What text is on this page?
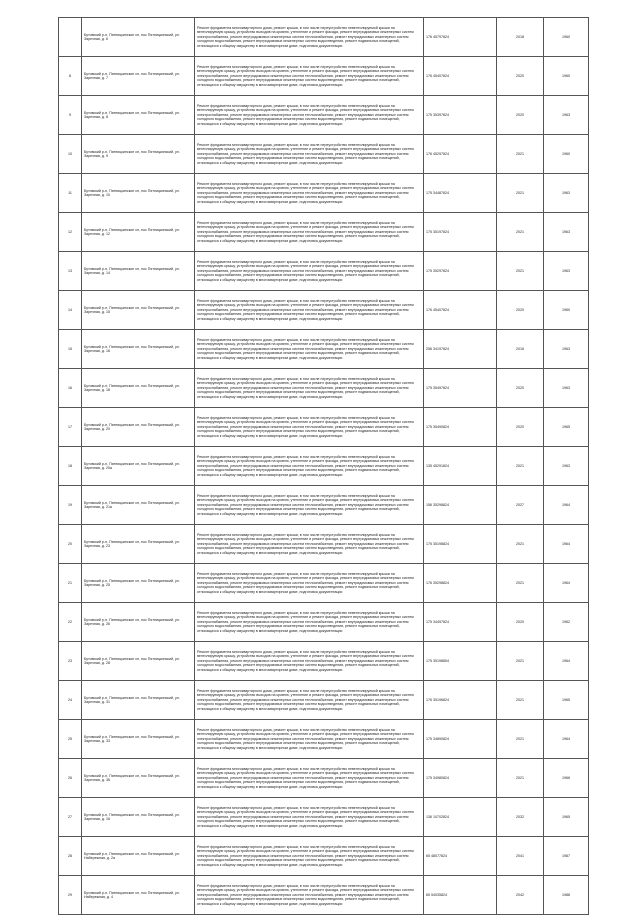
	Бутовский р-н, Пятницкинское сп, пос Пятницкинский, ул. Заречная, д. 6	Ремонт фундамента многоквартирного дома, ремонт крыши, в том числе переустройство невентилируемой крыши на вентилируемую крышу, устройство выходов на кровлю, утепление и ремонт фасада, ремонт внутридомовых инженерных систем электроснабжения, ремонт внутридомовых инженерных систем теплоснабжения, ремонт внутридомовых инженерных систем холодного водоснабжения, ремонт внутридомовых инженерных систем водоотведения, ремонт подвальных помещений, относящихся к общему имуществу в многоквартирном доме, подготовка документации	176 45797824	2018	1960
8	Бутовский р-н, Пятницкинское сп, пос Пятницкинский, ул. Заречная, д. 7	Ремонт фундамента многоквартирного дома, ремонт крыши, в том числе переустройство невентилируемой крыши на вентилируемую крышу, устройство выходов на кровлю, утепление и ремонт фасада, ремонт внутридомовых инженерных систем электроснабжения, ремонт внутридомовых инженерных систем теплоснабжения, ремонт внутридомовых инженерных систем холодного водоснабжения, ремонт внутридомовых инженерных систем водоотведения, ремонт подвальных помещений, относящихся к общему имуществу в многоквартирном доме, подготовка документации	176 45407824	2020	1960
9	Бутовский р-н, Пятницкинское сп, пос Пятницкинский, ул. Заречная, д. 8	Ремонт фундамента многоквартирного дома, ремонт крыши, в том числе переустройство невентилируемой крыши на вентилируемую крышу, устройство выходов на кровлю, утепление и ремонт фасада, ремонт внутридомовых инженерных систем электроснабжения, ремонт внутридомовых инженерных систем теплоснабжения, ремонт внутридомовых инженерных систем холодного водоснабжения, ремонт внутридомовых инженерных систем водоотведения, ремонт подвальных помещений, относящихся к общему имуществу в многоквартирном доме, подготовка документации	175 35397824	2020	1963
10	Бутовский р-н, Пятницкинское сп, пос Пятницкинский, ул. Заречная, д. 9	Ремонт фундамента многоквартирного дома, ремонт крыши, в том числе переустройство невентилируемой крыши на вентилируемую крышу, устройство выходов на кровлю, утепление и ремонт фасада, ремонт внутридомовых инженерных систем электроснабжения, ремонт внутридомовых инженерных систем теплоснабжения, ремонт внутридомовых инженерных систем холодного водоснабжения, ремонт внутридомовых инженерных систем водоотведения, ремонт подвальных помещений, относящихся к общему имуществу в многоквартирном доме, подготовка документации	176 45297824	2021	1960
11	Бутовский р-н, Пятницкинское сп, пос Пятницкинский, ул. Заречная, д. 10	Ремонт фундамента многоквартирного дома, ремонт крыши, в том числе переустройство невентилируемой крыши на вентилируемую крышу, устройство выходов на кровлю, утепление и ремонт фасада, ремонт внутридомовых инженерных систем электроснабжения, ремонт внутридомовых инженерных систем теплоснабжения, ремонт внутридомовых инженерных систем холодного водоснабжения, ремонт внутридомовых инженерных систем водоотведения, ремонт подвальных помещений, относящихся к общему имуществу в многоквартирном доме, подготовка документации	175 34487824	2021	1963
12	Бутовский р-н, Пятницкинское сп, пос Пятницкинский, ул. Заречная, д. 12	Ремонт фундамента многоквартирного дома, ремонт крыши, в том числе переустройство невентилируемой крыши на вентилируемую крышу, устройство выходов на кровлю, утепление и ремонт фасада, ремонт внутридомовых инженерных систем электроснабжения, ремонт внутридомовых инженерных систем теплоснабжения, ремонт внутридомовых инженерных систем холодного водоснабжения, ремонт внутридомовых инженерных систем водоотведения, ремонт подвальных помещений, относящихся к общему имуществу в многоквартирном доме, подготовка документации	175 35197824	2021	1963
13	Бутовский р-н, Пятницкинское сп, пос Пятницкинский, ул. Заречная, д. 14	Ремонт фундамента многоквартирного дома, ремонт крыши, в том числе переустройство невентилируемой крыши на вентилируемую крышу, устройство выходов на кровлю, утепление и ремонт фасада, ремонт внутридомовых инженерных систем электроснабжения, ремонт внутридомовых инженерных систем теплоснабжения, ремонт внутридомовых инженерных систем холодного водоснабжения, ремонт внутридомовых инженерных систем водоотведения, ремонт подвальных помещений, относящихся к общему имуществу в многоквартирном доме, подготовка документации	175 35297824	2021	1963
14	Бутовский р-н, Пятницкинское сп, пос Пятницкинский, ул. Заречная, д. 15	Ремонт фундамента многоквартирного дома, ремонт крыши, в том числе переустройство невентилируемой крыши на вентилируемую крышу, устройство выходов на кровлю, утепление и ремонт фасада, ремонт внутридомовых инженерных систем электроснабжения, ремонт внутридомовых инженерных систем теплоснабжения, ремонт внутридомовых инженерных систем холодного водоснабжения, ремонт внутридомовых инженерных систем водоотведения, ремонт подвальных помещений, относящихся к общему имуществу в многоквартирном доме, подготовка документации	176 45407824	2020	1960
15	Бутовский р-н, Пятницкинское сп, пос Пятницкинский, ул. Заречная, д. 16	Ремонт фундамента многоквартирного дома, ремонт крыши, в том числе переустройство невентилируемой крыши на вентилируемую крышу, устройство выходов на кровлю, утепление и ремонт фасада, ремонт внутридомовых инженерных систем электроснабжения, ремонт внутридомовых инженерных систем теплоснабжения, ремонт внутридомовых инженерных систем холодного водоснабжения, ремонт внутридомовых инженерных систем водоотведения, ремонт подвальных помещений, относящихся к общему имуществу в многоквартирном доме, подготовка документации	256 34197824	2016	1963
16	Бутовский р-н, Пятницкинское сп, пос Пятницкинский, ул. Заречная, д. 18	Ремонт фундамента многоквартирного дома, ремонт крыши, в том числе переустройство невентилируемой крыши на вентилируемую крышу, устройство выходов на кровлю, утепление и ремонт фасада, ремонт внутридомовых инженерных систем электроснабжения, ремонт внутридомовых инженерных систем теплоснабжения, ремонт внутридомовых инженерных систем холодного водоснабжения, ремонт внутридомовых инженерных систем водоотведения, ремонт подвальных помещений, относящихся к общему имуществу в многоквартирном доме, подготовка документации	175 35497824	2020	1963
17	Бутовский р-н, Пятницкинское сп, пос Пятницкинский, ул. Заречная, д. 20	Ремонт фундамента многоквартирного дома, ремонт крыши, в том числе переустройство невентилируемой крыши на вентилируемую крышу, устройство выходов на кровлю, утепление и ремонт фасада, ремонт внутридомовых инженерных систем электроснабжения, ремонт внутридомовых инженерных систем теплоснабжения, ремонт внутридомовых инженерных систем холодного водоснабжения, ремонт внутридомовых инженерных систем водоотведения, ремонт подвальных помещений, относящихся к общему имуществу в многоквартирном доме, подготовка документации	175 35490824	2020	1965
18	Бутовский р-н, Пятницкинское сп, пос Пятницкинский, ул. Заречная, д. 20а	Ремонт фундамента многоквартирного дома, ремонт крыши, в том числе переустройство невентилируемой крыши на вентилируемую крышу, устройство выходов на кровлю, утепление и ремонт фасада, ремонт внутридомовых инженерных систем электроснабжения, ремонт внутридомовых инженерных систем теплоснабжения, ремонт внутридомовых инженерных систем холодного водоснабжения, ремонт внутридомовых инженерных систем водоотведения, ремонт подвальных помещений, относящихся к общему имуществу в многоквартирном доме, подготовка документации	135 45291824	2021	1963
19	Бутовский р-н, Пятницкинское сп, пос Пятницкинский, ул. Заречная, д. 21а	Ремонт фундамента многоквартирного дома, ремонт крыши, в том числе переустройство невентилируемой крыши на вентилируемую крышу, устройство выходов на кровлю, утепление и ремонт фасада, ремонт внутридомовых инженерных систем электроснабжения, ремонт внутридомовых инженерных систем теплоснабжения, ремонт внутридомовых инженерных систем холодного водоснабжения, ремонт внутридомовых инженерных систем водоотведения, ремонт подвальных помещений, относящихся к общему имуществу в многоквартирном доме, подготовка документации	156 35298824	2027	1964
20	Бутовский р-н, Пятницкинское сп, пос Пятницкинский, ул. Заречная, д. 23	Ремонт фундамента многоквартирного дома, ремонт крыши, в том числе переустройство невентилируемой крыши на вентилируемую крышу, устройство выходов на кровлю, утепление и ремонт фасада, ремонт внутридомовых инженерных систем электроснабжения, ремонт внутридомовых инженерных систем теплоснабжения, ремонт внутридомовых инженерных систем холодного водоснабжения, ремонт внутридомовых инженерных систем водоотведения, ремонт подвальных помещений, относящихся к общему имуществу в многоквартирном доме, подготовка документации	175 35198824	2021	1964
21	Бутовский р-н, Пятницкинское сп, пос Пятницкинский, ул. Заречная, д. 25	Ремонт фундамента многоквартирного дома, ремонт крыши, в том числе переустройство невентилируемой крыши на вентилируемую крышу, устройство выходов на кровлю, утепление и ремонт фасада, ремонт внутридомовых инженерных систем электроснабжения, ремонт внутридомовых инженерных систем теплоснабжения, ремонт внутридомовых инженерных систем холодного водоснабжения, ремонт внутридомовых инженерных систем водоотведения, ремонт подвальных помещений, относящихся к общему имуществу в многоквартирном доме, подготовка документации	176 35298824	2021	1964
22	Бутовский р-н, Пятницкинское сп, пос Пятницкинский, ул. Заречная, д. 26	Ремонт фундамента многоквартирного дома, ремонт крыши, в том числе переустройство невентилируемой крыши на вентилируемую крышу, устройство выходов на кровлю, утепление и ремонт фасада, ремонт внутридомовых инженерных систем электроснабжения, ремонт внутридомовых инженерных систем теплоснабжения, ремонт внутридомовых инженерных систем холодного водоснабжения, ремонт внутридомовых инженерных систем водоотведения, ремонт подвальных помещений, относящихся к общему имуществу в многоквартирном доме, подготовка документации	175 34497824	2020	1962
23	Бутовский р-н, Пятницкинское сп, пос Пятницкинский, ул. Заречная, д. 28	Ремонт фундамента многоквартирного дома, ремонт крыши, в том числе переустройство невентилируемой крыши на вентилируемую крышу, устройство выходов на кровлю, утепление и ремонт фасада, ремонт внутридомовых инженерных систем электроснабжения, ремонт внутридомовых инженерных систем теплоснабжения, ремонт внутридомовых инженерных систем холодного водоснабжения, ремонт внутридомовых инженерных систем водоотведения, ремонт подвальных помещений, относящихся к общему имуществу в многоквартирном доме, подготовка документации	175 35198854	2021	1964
24	Бутовский р-н, Пятницкинское сп, пос Пятницкинский, ул. Заречная, д. 31	Ремонт фундамента многоквартирного дома, ремонт крыши, в том числе переустройство невентилируемой крыши на вентилируемую крышу, устройство выходов на кровлю, утепление и ремонт фасада, ремонт внутридомовых инженерных систем электроснабжения, ремонт внутридомовых инженерных систем теплоснабжения, ремонт внутридомовых инженерных систем холодного водоснабжения, ремонт внутридомовых инженерных систем водоотведения, ремонт подвальных помещений, относящихся к общему имуществу в многоквартирном доме, подготовка документации	176 35196824	2021	1965
25	Бутовский р-н, Пятницкинское сп, пос Пятницкинский, ул. Заречная, д. 33	Ремонт фундамента многоквартирного дома, ремонт крыши, в том числе переустройство невентилируемой крыши на вентилируемую крышу, устройство выходов на кровлю, утепление и ремонт фасада, ремонт внутридомовых инженерных систем электроснабжения, ремонт внутридомовых инженерных систем теплоснабжения, ремонт внутридомовых инженерных систем холодного водоснабжения, ремонт внутридомовых инженерных систем водоотведения, ремонт подвальных помещений, относящихся к общему имуществу в многоквартирном доме, подготовка документации	175 34890824	2021	1964
26	Бутовский р-н, Пятницкинское сп, пос Пятницкинский, ул. Заречная, д. 36	Ремонт фундамента многоквартирного дома, ремонт крыши, в том числе переустройство невентилируемой крыши на вентилируемую крышу, устройство выходов на кровлю, утепление и ремонт фасада, ремонт внутридомовых инженерных систем электроснабжения, ремонт внутридомовых инженерных систем теплоснабжения, ремонт внутридомовых инженерных систем холодного водоснабжения, ремонт внутридомовых инженерных систем водоотведения, ремонт подвальных помещений, относящихся к общему имуществу в многоквартирном доме, подготовка документации	175 34980824	2021	1966
27	Бутовский р-н, Пятницкинское сп, пос Пятницкинский, ул. Заречная, д. 16	Ремонт фундамента многоквартирного дома, ремонт крыши, в том числе переустройство невентилируемой крыши на вентилируемую крышу, устройство выходов на кровлю, утепление и ремонт фасада, ремонт внутридомовых инженерных систем электроснабжения, ремонт внутридомовых инженерных систем теплоснабжения, ремонт внутридомовых инженерных систем холодного водоснабжения, ремонт внутридомовых инженерных систем водоотведения, ремонт подвальных помещений, относящихся к общему имуществу в многоквартирном доме, подготовка документации	136 10702824	2032	1965
28	Бутовский р-н, Пятницкинское сп, пос Пятницкинский, ул. Набережная, д. 2а	Ремонт фундамента многоквартирного дома, ремонт крыши, в том числе переустройство невентилируемой крыши на вентилируемую крышу, устройство выходов на кровлю, утепление и ремонт фасада, ремонт внутридомовых инженерных систем электроснабжения, ремонт внутридомовых инженерных систем теплоснабжения, ремонт внутридомовых инженерных систем холодного водоснабжения, ремонт внутридомовых инженерных систем водоотведения, ремонт подвальных помещений, относящихся к общему имуществу в многоквартирном доме, подготовка документации	65 48077824	2041	1987
29	Бутовский р-н, Пятницкинское сп, пос Пятницкинский, ул. Набережная, д. 4	Ремонт фундамента многоквартирного дома, ремонт крыши, в том числе переустройство невентилируемой крыши на вентилируемую крышу, устройство выходов на кровлю, утепление и ремонт фасада, ремонт внутридомовых инженерных систем электроснабжения, ремонт внутридомовых инженерных систем теплоснабжения, ремонт внутридомовых инженерных систем холодного водоснабжения, ремонт внутридомовых инженерных систем водоотведения, ремонт подвальных помещений, относящихся к общему имуществу в многоквартирном доме, подготовка документации	65 54035824	2042	1988
